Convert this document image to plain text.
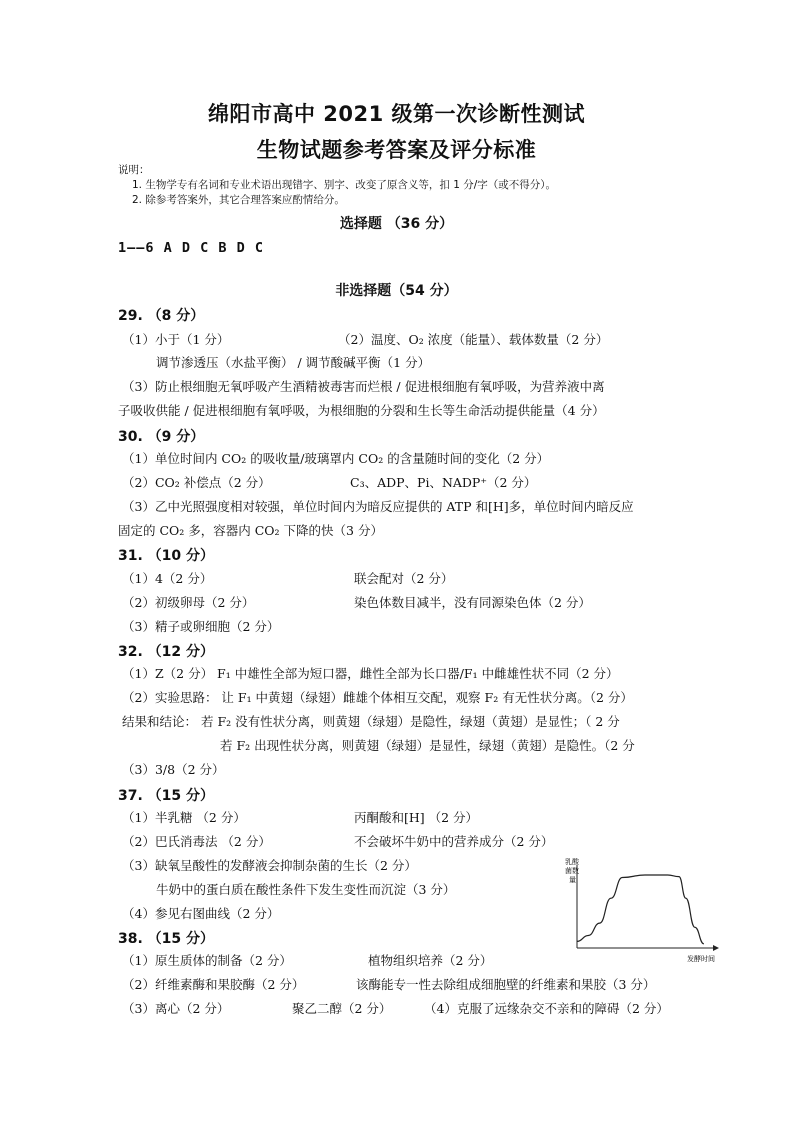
绵阳市高中 2021 级第一次诊断性测试
生物试题参考答案及评分标准
说明：
1. 生物学专有名词和专业术语出现错字、别字、改变了原含义等，扣 1 分/字（或不得分）。
2. 除参考答案外，其它合理答案应酌情给分。
选择题 （36 分）
1——6 A D C B D C
非选择题（54 分）
29. （8 分）
（1）小于（1 分）	（2）温度、O₂ 浓度（能量）、载体数量（2 分）
调节渗透压（水盐平衡） / 调节酸碱平衡（1 分）
（3）防止根细胞无氧呼吸产生酒精被毒害而烂根 / 促进根细胞有氧呼吸，为营养液中离
子吸收供能 / 促进根细胞有氧呼吸，为根细胞的分裂和生长等生命活动提供能量（4 分）
30. （9 分）
（1）单位时间内 CO₂ 的吸收量/玻璃罩内 CO₂ 的含量随时间的变化（2 分）
（2）CO₂ 补偿点（2 分）	C₃、ADP、Pi、NADP⁺（2 分）
（3）乙中光照强度相对较强，单位时间内为暗反应提供的 ATP 和[H]多，单位时间内暗反应
固定的 CO₂ 多，容器内 CO₂ 下降的快（3 分）
31. （10 分）
（1）4（2 分）	联会配对（2 分）
（2）初级卵母（2 分）	染色体数目减半，没有同源染色体（2 分）
（3）精子或卵细胞（2 分）
32. （12 分）
（1）Z（2 分） F₁ 中雄性全部为短口器，雌性全部为长口器/F₁ 中雌雄性状不同（2 分）
（2）实验思路： 让 F₁ 中黄翅（绿翅）雌雄个体相互交配，观察 F₂ 有无性状分离。（2 分）
结果和结论： 若 F₂ 没有性状分离，则黄翅（绿翅）是隐性，绿翅（黄翅）是显性；（ 2 分
若 F₂ 出现性状分离，则黄翅（绿翅）是显性，绿翅（黄翅）是隐性。（2 分
（3）3/8（2 分）
37. （15 分）
（1）半乳糖 （2 分）	丙酮酸和[H] （2 分）
（2）巴氏消毒法 （2 分）	不会破坏牛奶中的营养成分（2 分）
（3）缺氧呈酸性的发酵液会抑制杂菌的生长（2 分）
牛奶中的蛋白质在酸性条件下发生变性而沉淀（3 分）
（4）参见右图曲线（2 分）
38. （15 分）
（1）原生质体的制备（2 分）	植物组织培养（2 分）
（2）纤维素酶和果胶酶（2 分）	该酶能专一性去除组成细胞壁的纤维素和果胶（3 分）
（3）离心（2 分）	聚乙二醇（2 分）	（4）克服了远缘杂交不亲和的障碍（2 分）
乳酸
菌数
量
发酵时间
